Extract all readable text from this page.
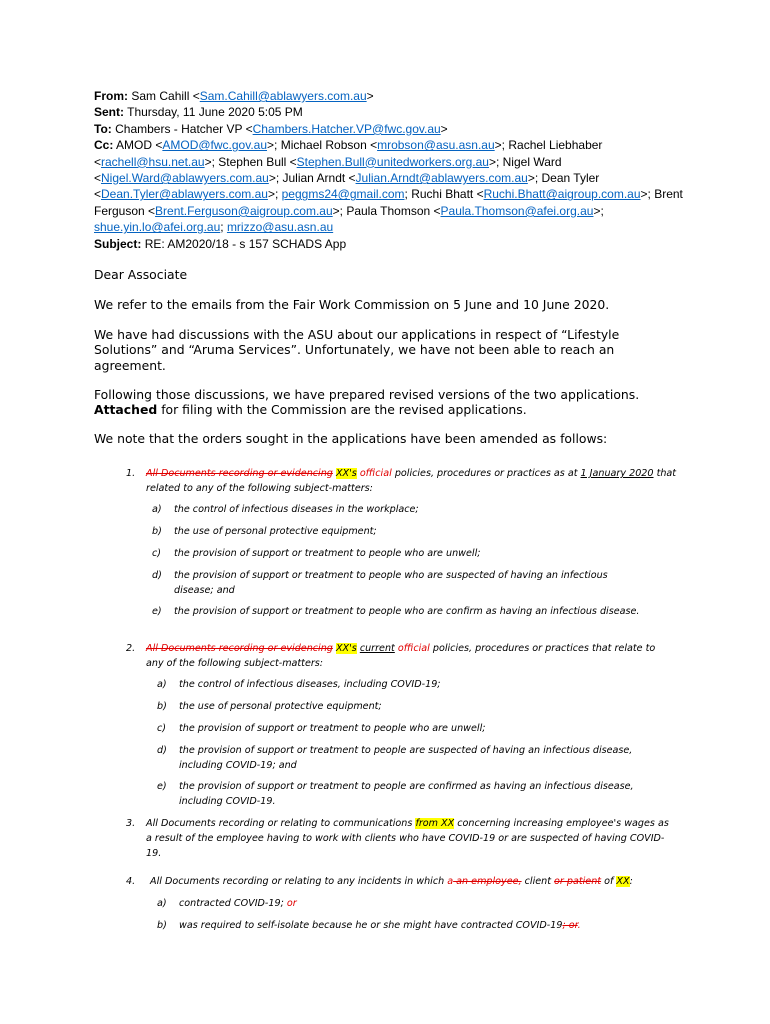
From: Sam Cahill <Sam.Cahill@ablawyers.com.au>
Sent: Thursday, 11 June 2020 5:05 PM
To: Chambers - Hatcher VP <Chambers.Hatcher.VP@fwc.gov.au>
Cc: AMOD <AMOD@fwc.gov.au>; Michael Robson <mrobson@asu.asn.au>; Rachel Liebhaber <rachell@hsu.net.au>; Stephen Bull <Stephen.Bull@unitedworkers.org.au>; Nigel Ward <Nigel.Ward@ablawyers.com.au>; Julian Arndt <Julian.Arndt@ablawyers.com.au>; Dean Tyler <Dean.Tyler@ablawyers.com.au>; peggms24@gmail.com; Ruchi Bhatt <Ruchi.Bhatt@aigroup.com.au>; Brent Ferguson <Brent.Ferguson@aigroup.com.au>; Paula Thomson <Paula.Thomson@afei.org.au>; shue.yin.lo@afei.org.au; mrizzo@asu.asn.au
Subject: RE: AM2020/18 - s 157 SCHADS App
Dear Associate
We refer to the emails from the Fair Work Commission on 5 June and 10 June 2020.
We have had discussions with the ASU about our applications in respect of “Lifestyle Solutions” and “Aruma Services”. Unfortunately, we have not been able to reach an agreement.
Following those discussions, we have prepared revised versions of the two applications. Attached for filing with the Commission are the revised applications.
We note that the orders sought in the applications have been amended as follows:
1. All Documents recording or evidencing XX's official policies, procedures or practices as at 1 January 2020 that related to any of the following subject-matters:
a) the control of infectious diseases in the workplace;
b) the use of personal protective equipment;
c) the provision of support or treatment to people who are unwell;
d) the provision of support or treatment to people who are suspected of having an infectious disease; and
e) the provision of support or treatment to people who are confirm as having an infectious disease.
2. All Documents recording or evidencing XX's current official policies, procedures or practices that relate to any of the following subject-matters:
a) the control of infectious diseases, including COVID-19;
b) the use of personal protective equipment;
c) the provision of support or treatment to people who are unwell;
d) the provision of support or treatment to people are suspected of having an infectious disease, including COVID-19; and
e) the provision of support or treatment to people are confirmed as having an infectious disease, including COVID-19.
3. All Documents recording or relating to communications from XX concerning increasing employee's wages as a result of the employee having to work with clients who have COVID-19 or are suspected of having COVID-19.
4. All Documents recording or relating to any incidents in which a an employee, client or patient of XX:
a) contracted COVID-19; or
b) was required to self-isolate because he or she might have contracted COVID-19; or.
